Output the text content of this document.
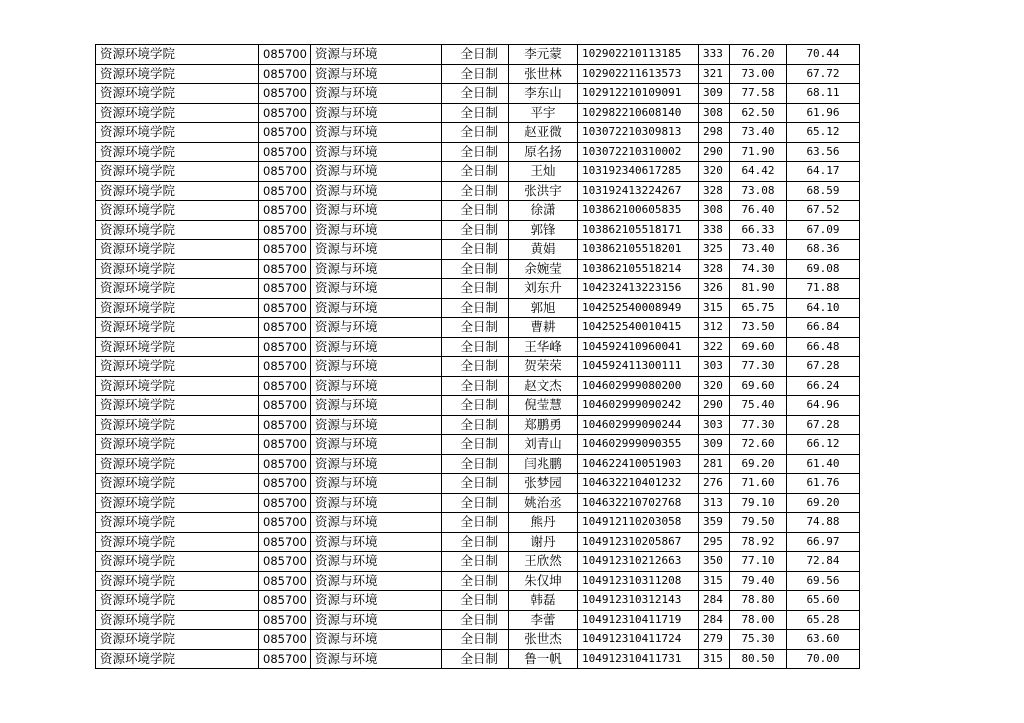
资源环境学院	085700	资源与环境	全日制	李元蒙	102902210113185	333	76.20	70.44
资源环境学院	085700	资源与环境	全日制	张世林	102902211613573	321	73.00	67.72
资源环境学院	085700	资源与环境	全日制	李东山	102912210109091	309	77.58	68.11
资源环境学院	085700	资源与环境	全日制	平宇	102982210608140	308	62.50	61.96
资源环境学院	085700	资源与环境	全日制	赵亚微	103072210309813	298	73.40	65.12
资源环境学院	085700	资源与环境	全日制	原名扬	103072210310002	290	71.90	63.56
资源环境学院	085700	资源与环境	全日制	王灿	103192340617285	320	64.42	64.17
资源环境学院	085700	资源与环境	全日制	张洪宇	103192413224267	328	73.08	68.59
资源环境学院	085700	资源与环境	全日制	徐潇	103862100605835	308	76.40	67.52
资源环境学院	085700	资源与环境	全日制	郭锋	103862105518171	338	66.33	67.09
资源环境学院	085700	资源与环境	全日制	黄娟	103862105518201	325	73.40	68.36
资源环境学院	085700	资源与环境	全日制	余婉莹	103862105518214	328	74.30	69.08
资源环境学院	085700	资源与环境	全日制	刘东升	104232413223156	326	81.90	71.88
资源环境学院	085700	资源与环境	全日制	郭旭	104252540008949	315	65.75	64.10
资源环境学院	085700	资源与环境	全日制	曹耕	104252540010415	312	73.50	66.84
资源环境学院	085700	资源与环境	全日制	王华峰	104592410960041	322	69.60	66.48
资源环境学院	085700	资源与环境	全日制	贺荣荣	104592411300111	303	77.30	67.28
资源环境学院	085700	资源与环境	全日制	赵文杰	104602999080200	320	69.60	66.24
资源环境学院	085700	资源与环境	全日制	倪莹慧	104602999090242	290	75.40	64.96
资源环境学院	085700	资源与环境	全日制	郑鹏勇	104602999090244	303	77.30	67.28
资源环境学院	085700	资源与环境	全日制	刘青山	104602999090355	309	72.60	66.12
资源环境学院	085700	资源与环境	全日制	闫兆鹏	104622410051903	281	69.20	61.40
资源环境学院	085700	资源与环境	全日制	张梦园	104632210401232	276	71.60	61.76
资源环境学院	085700	资源与环境	全日制	姚治丞	104632210702768	313	79.10	69.20
资源环境学院	085700	资源与环境	全日制	熊丹	104912110203058	359	79.50	74.88
资源环境学院	085700	资源与环境	全日制	谢丹	104912310205867	295	78.92	66.97
资源环境学院	085700	资源与环境	全日制	王欣然	104912310212663	350	77.10	72.84
资源环境学院	085700	资源与环境	全日制	朱仅坤	104912310311208	315	79.40	69.56
资源环境学院	085700	资源与环境	全日制	韩磊	104912310312143	284	78.80	65.60
资源环境学院	085700	资源与环境	全日制	李蕾	104912310411719	284	78.00	65.28
资源环境学院	085700	资源与环境	全日制	张世杰	104912310411724	279	75.30	63.60
资源环境学院	085700	资源与环境	全日制	鲁一帆	104912310411731	315	80.50	70.00
